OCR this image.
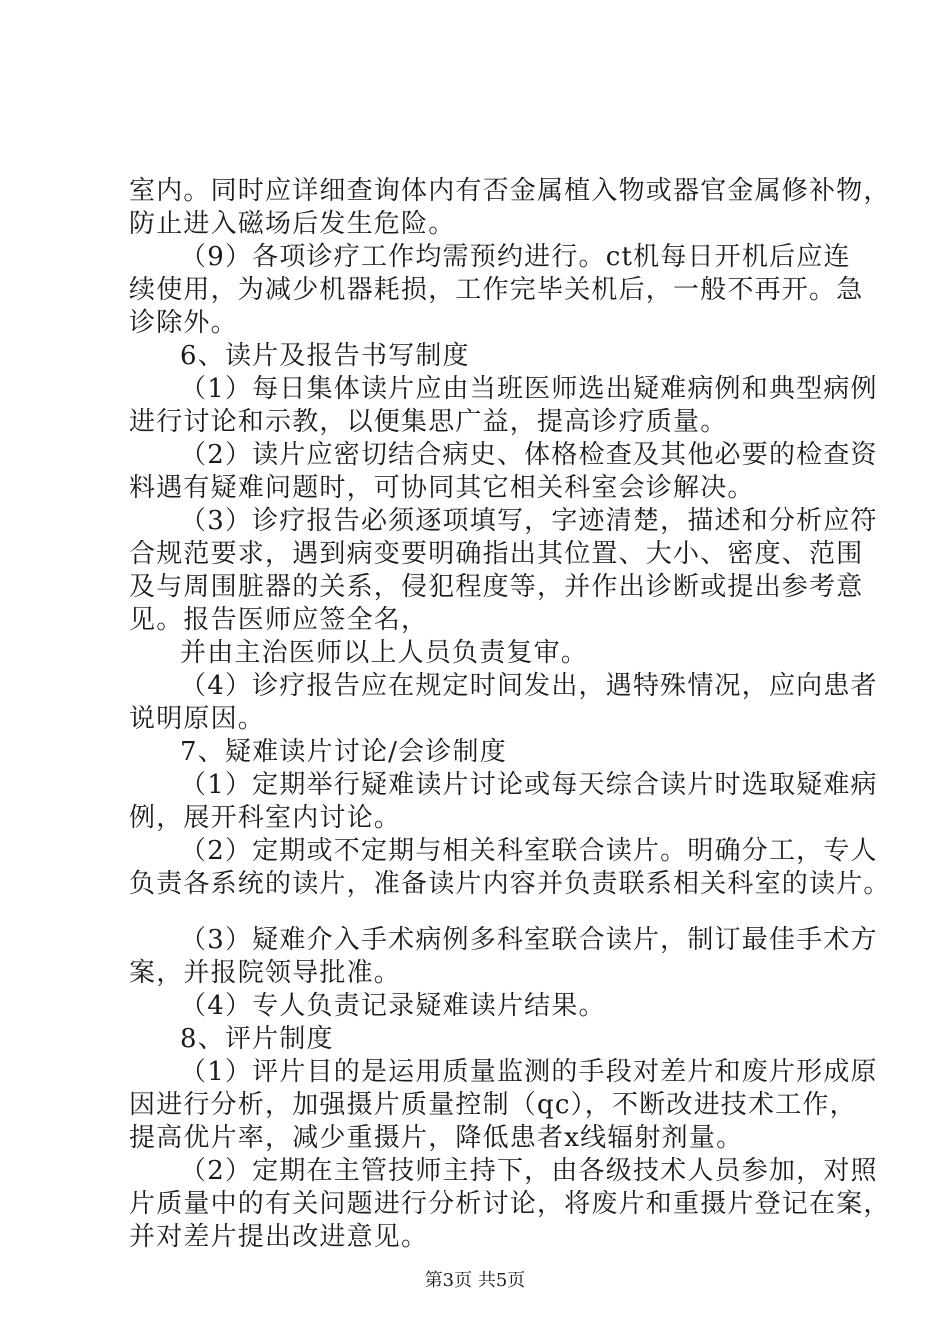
室内。同时应详细查询体内有否金属植入物或器官金属修补物，
防止进入磁场后发生危险。
（9）各项诊疗工作均需预约进行。ct机每日开机后应连
续使用，为减少机器耗损，工作完毕关机后，一般不再开。急
诊除外。
6、读片及报告书写制度
（1）每日集体读片应由当班医师选出疑难病例和典型病例
进行讨论和示教，以便集思广益，提高诊疗质量。
（2）读片应密切结合病史、体格检查及其他必要的检查资
料遇有疑难问题时，可协同其它相关科室会诊解决。
（3）诊疗报告必须逐项填写，字迹清楚，描述和分析应符
合规范要求，遇到病变要明确指出其位置、大小、密度、范围
及与周围脏器的关系，侵犯程度等，并作出诊断或提出参考意
见。报告医师应签全名，
并由主治医师以上人员负责复审。
（4）诊疗报告应在规定时间发出，遇特殊情况，应向患者
说明原因。
7、疑难读片讨论/会诊制度
（1）定期举行疑难读片讨论或每天综合读片时选取疑难病
例，展开科室内讨论。
（2）定期或不定期与相关科室联合读片。明确分工，专人
负责各系统的读片，准备读片内容并负责联系相关科室的读片。
（3）疑难介入手术病例多科室联合读片，制订最佳手术方
案，并报院领导批准。
（4）专人负责记录疑难读片结果。
8、评片制度
（1）评片目的是运用质量监测的手段对差片和废片形成原
因进行分析，加强摄片质量控制（qc），不断改进技术工作，
提高优片率，减少重摄片，降低患者x线辐射剂量。
（2）定期在主管技师主持下，由各级技术人员参加，对照
片质量中的有关问题进行分析讨论，将废片和重摄片登记在案，
并对差片提出改进意见。
第3页 共5页
